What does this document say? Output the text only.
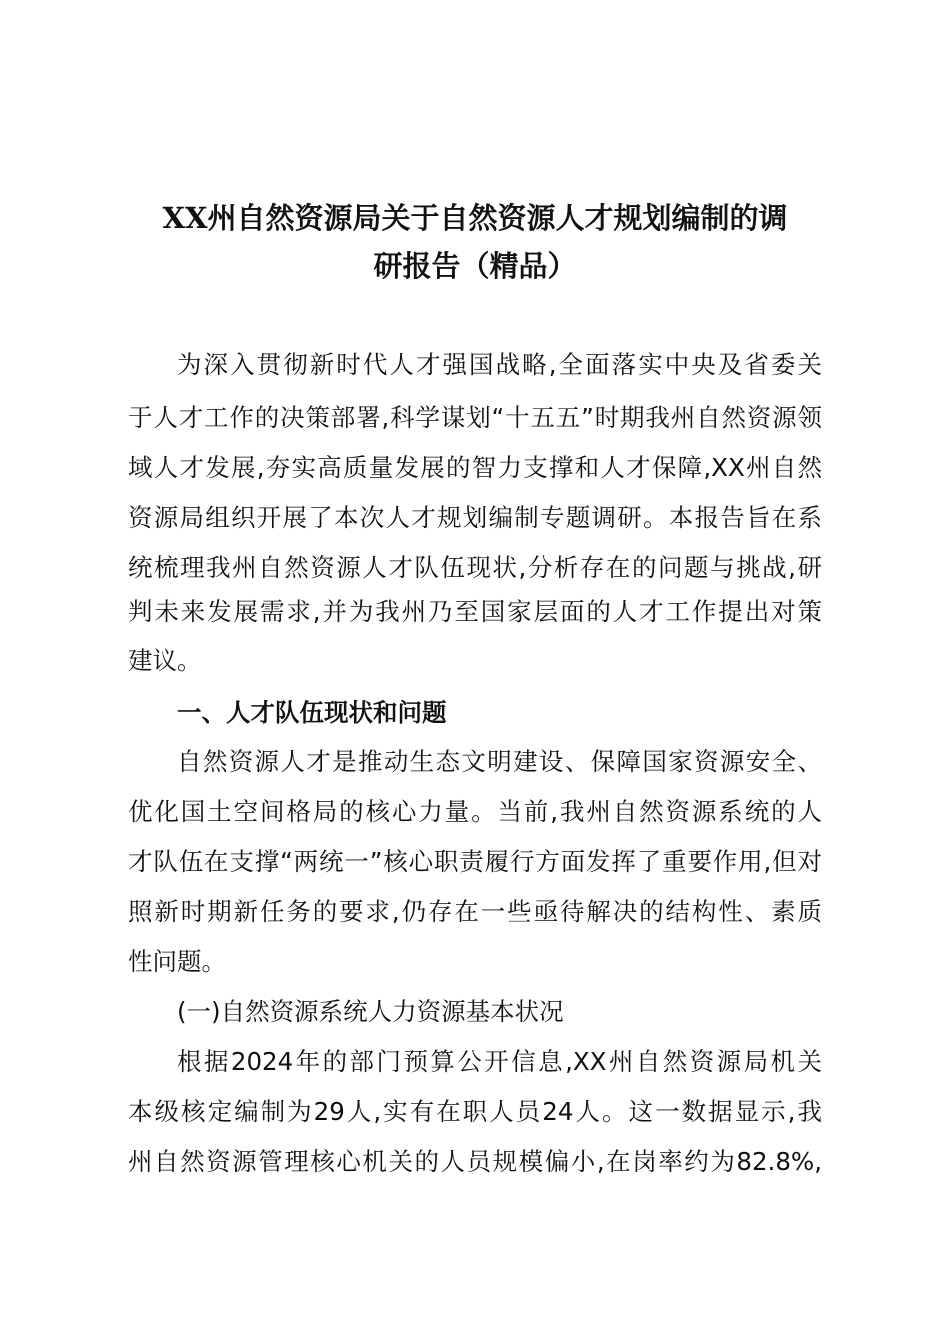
XX州自然资源局关于自然资源人才规划编制的调
研报告（精品）
为深入贯彻新时代人才强国战略,全面落实中央及省委关
于人才工作的决策部署,科学谋划“十五五”时期我州自然资源领
域人才发展,夯实高质量发展的智力支撑和人才保障,XX州自然
资源局组织开展了本次人才规划编制专题调研。本报告旨在系
统梳理我州自然资源人才队伍现状,分析存在的问题与挑战,研
判未来发展需求,并为我州乃至国家层面的人才工作提出对策
建议。
一、人才队伍现状和问题
自然资源人才是推动生态文明建设、保障国家资源安全、
优化国土空间格局的核心力量。当前,我州自然资源系统的人
才队伍在支撑“两统一”核心职责履行方面发挥了重要作用,但对
照新时期新任务的要求,仍存在一些亟待解决的结构性、素质
性问题。
(一)自然资源系统人力资源基本状况
根据2024年的部门预算公开信息,XX州自然资源局机关
本级核定编制为29人,实有在职人员24人。这一数据显示,我
州自然资源管理核心机关的人员规模偏小,在岗率约为82.8%,
